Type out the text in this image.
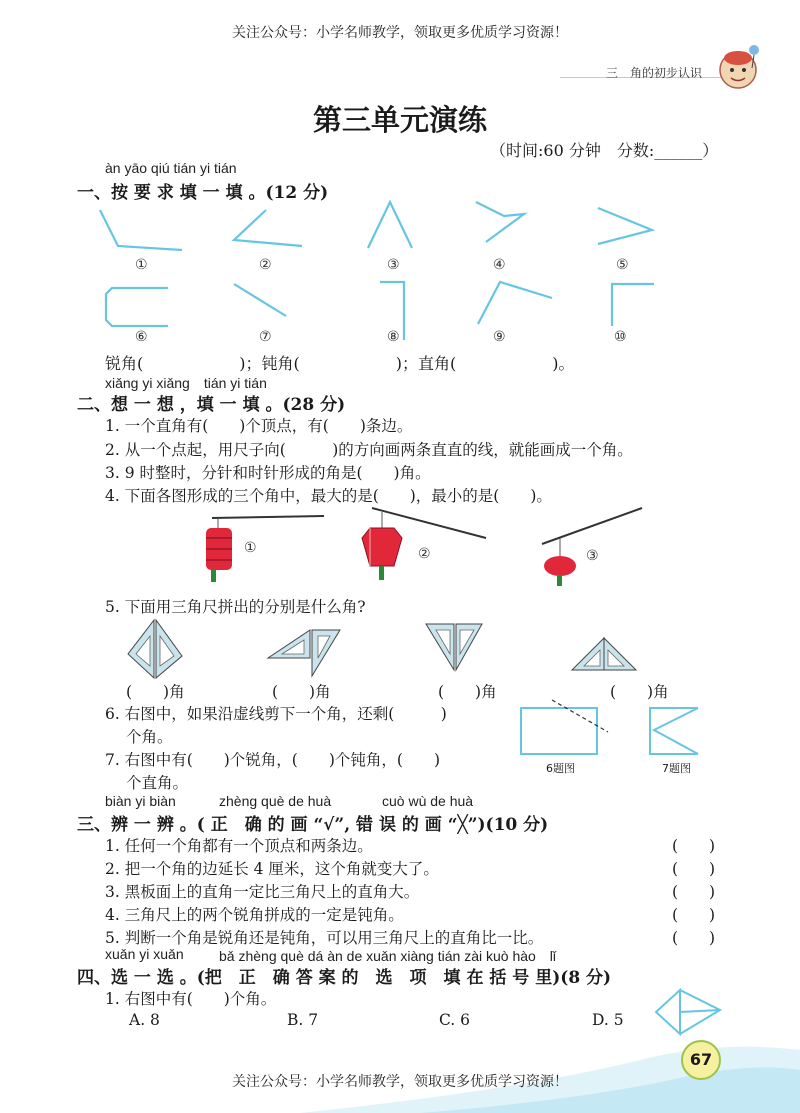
关注公众号：小学名师教学，领取更多优质学习资源！
三　角的初步认识
第三单元演练
（时间:60 分钟　分数:______）
àn yāo qiú tián yi tián
一、按 要 求 填 一 填 。(12 分)
①	②	③	④	⑤
⑥	⑦	⑧	⑨	⑩
锐角(　　　　　　)；钝角(　　　　　　)；直角(　　　　　　)。
xiǎng yi xiǎng　tián yi tián
二、想 一 想 ，填 一 填 。(28 分)
1. 一个直角有(　　)个顶点，有(　　)条边。
2. 从一个点起，用尺子向(　　　)的方向画两条直直的线，就能画成一个角。
3. 9 时整时，分针和时针形成的角是(　　)角。
4. 下面各图形成的三个角中，最大的是(　　)，最小的是(　　)。
①	②	③
5. 下面用三角尺拼出的分别是什么角?
(　　)角	(　　)角	(　　)角	(　　)角
6. 右图中，如果沿虚线剪下一个角，还剩(　　　)
个角。
7. 右图中有(　　)个锐角，(　　)个钝角，(　　)
个直角。
6题图	7题图
biàn yi biàn	zhèng què de huà	cuò wù de huà
三、辨 一 辨 。( 正　确 的 画 “√”, 错 误 的 画 “╳”)(10 分)
1. 任何一个角都有一个顶点和两条边。	(　　)
2. 把一个角的边延长 4 厘米，这个角就变大了。	(　　)
3. 黑板面上的直角一定比三角尺上的直角大。	(　　)
4. 三角尺上的两个锐角拼成的一定是钝角。	(　　)
5. 判断一个角是锐角还是钝角，可以用三角尺上的直角比一比。	(　　)
xuǎn yi xuǎn	bǎ zhèng què dá àn de xuǎn xiàng tián zài kuò hào　lǐ
四、选 一 选 。(把　正　确 答 案 的　选　项　填 在 括 号 里)(8 分)
1. 右图中有(　　)个角。
A. 8	B. 7	C. 6	D. 5
67
关注公众号：小学名师教学，领取更多优质学习资源！
